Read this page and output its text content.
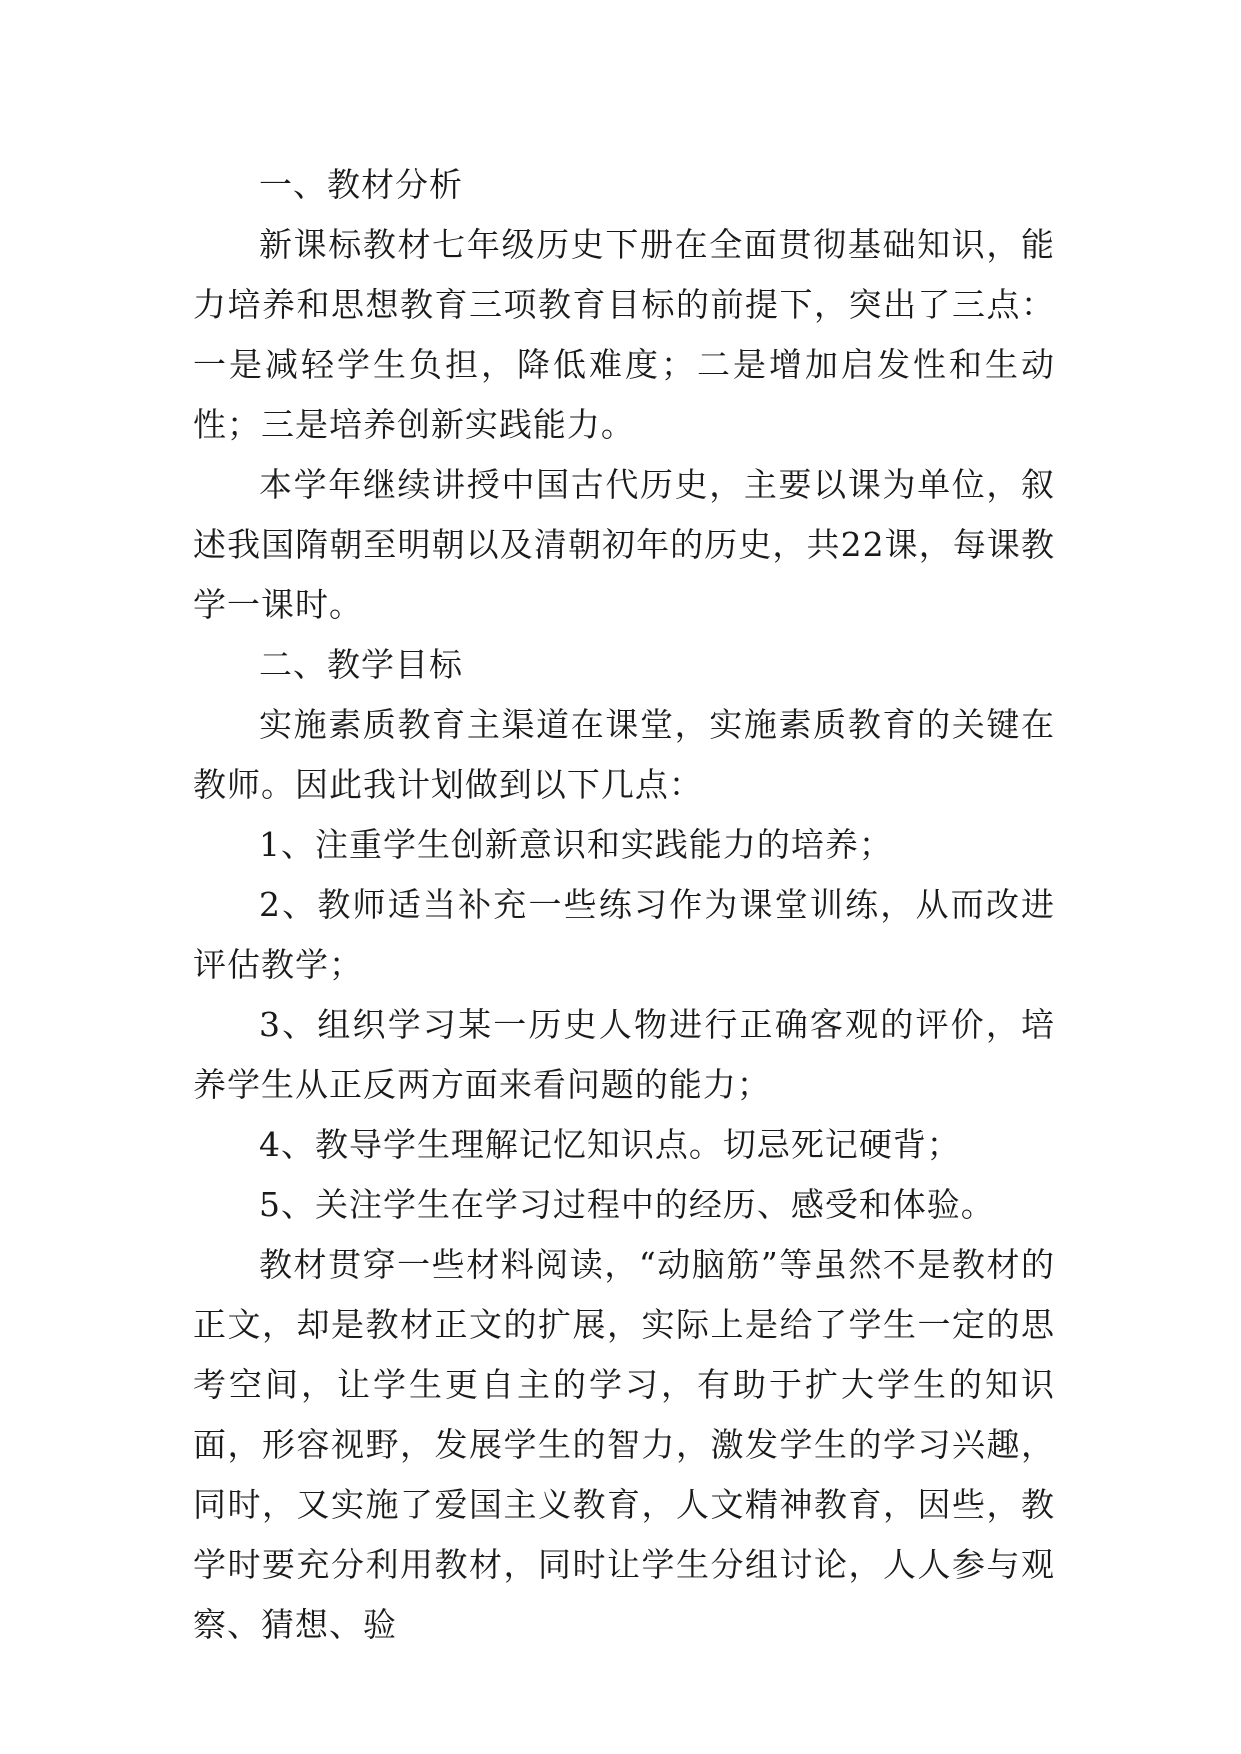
一、教材分析

新课标教材七年级历史下册在全面贯彻基础知识，能力培养和思想教育三项教育目标的前提下，突出了三点：一是减轻学生负担，降低难度；二是增加启发性和生动性；三是培养创新实践能力。

本学年继续讲授中国古代历史，主要以课为单位，叙述我国隋朝至明朝以及清朝初年的历史，共22课，每课教学一课时。

二、教学目标

实施素质教育主渠道在课堂，实施素质教育的关键在教师。因此我计划做到以下几点：

1、注重学生创新意识和实践能力的培养；

2、教师适当补充一些练习作为课堂训练，从而改进评估教学；

3、组织学习某一历史人物进行正确客观的评价，培养学生从正反两方面来看问题的能力；

4、教导学生理解记忆知识点。切忌死记硬背；

5、关注学生在学习过程中的经历、感受和体验。

教材贯穿一些材料阅读，“动脑筋”等虽然不是教材的正文，却是教材正文的扩展，实际上是给了学生一定的思考空间，让学生更自主的学习，有助于扩大学生的知识面，形容视野，发展学生的智力，激发学生的学习兴趣，同时，又实施了爱国主义教育，人文精神教育，因些，教学时要充分利用教材，同时让学生分组讨论，人人参与观察、猜想、验
